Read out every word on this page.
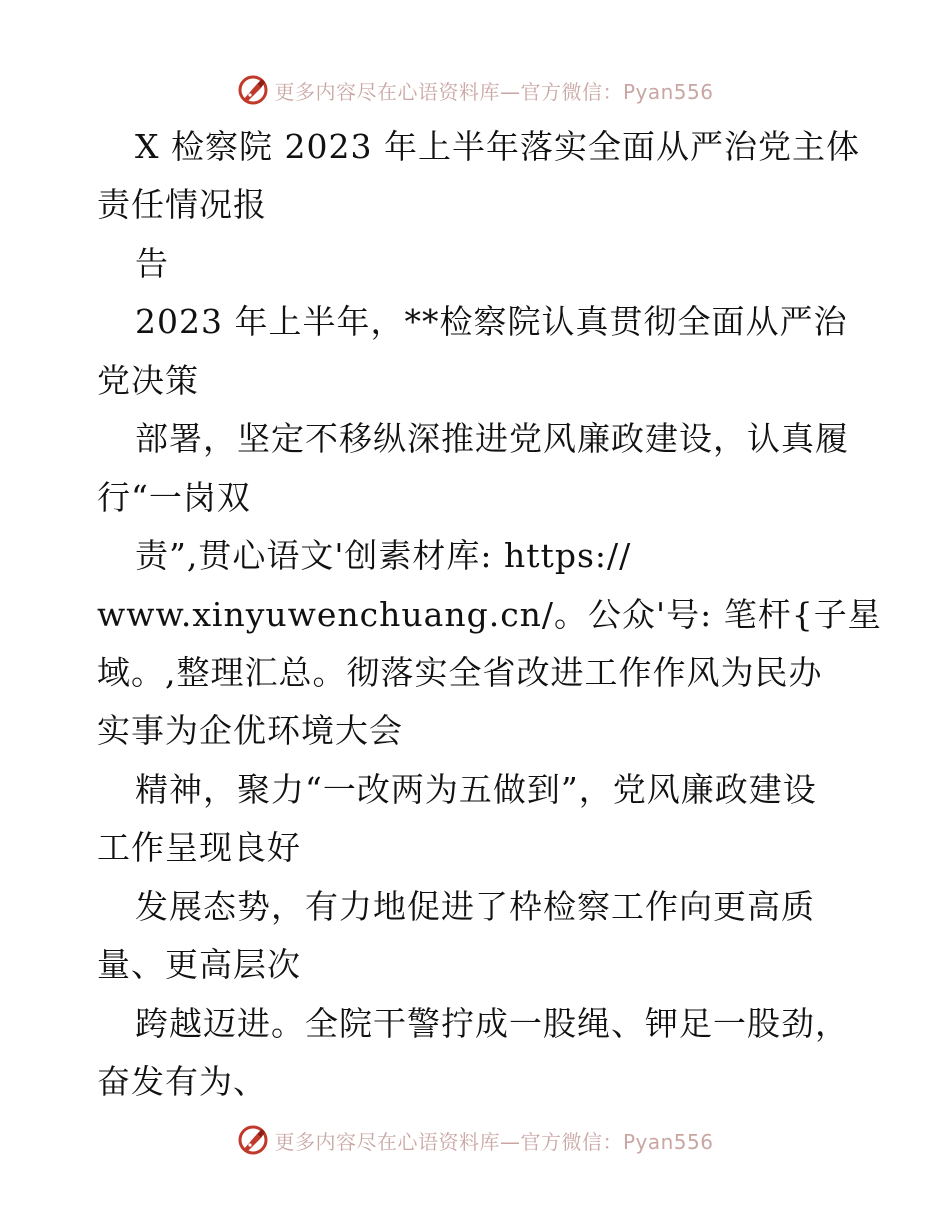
更多内容尽在心语资料库—官方微信：Pyan556
X 检察院 2023 年上半年落实全面从严治党主体
责任情况报
告
2023 年上半年，**检察院认真贯彻全面从严治
党决策
部署，坚定不移纵深推进党风廉政建设，认真履
行“一岗双
责”,贯心语文'创素材库: https://
www.xinyuwenchuang.cn/。公众'号: 笔杆{子星
域。,整理汇总。彻落实全省改进工作作风为民办
实事为企优环境大会
精神，聚力“一改两为五做到”，党风廉政建设
工作呈现良好
发展态势，有力地促进了枠检察工作向更高质
量、更高层次
跨越迈进。全院干警拧成一股绳、钾足一股劲，
奋发有为、
更多内容尽在心语资料库—官方微信：Pyan556
